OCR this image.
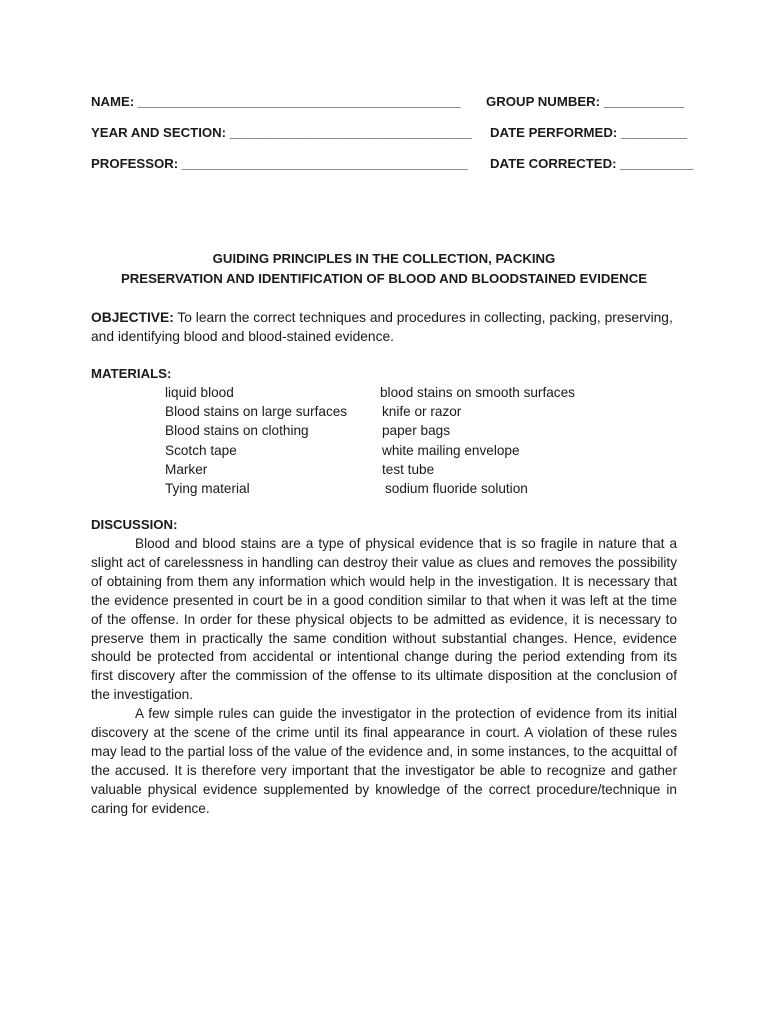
NAME: ____________________________________________ GROUP NUMBER: ___________
YEAR AND SECTION: _________________________________ DATE PERFORMED: _________
PROFESSOR: _______________________________________ DATE CORRECTED: __________
GUIDING PRINCIPLES IN THE COLLECTION, PACKING
PRESERVATION AND IDENTIFICATION OF BLOOD AND BLOODSTAINED EVIDENCE
OBJECTIVE: To learn the correct techniques and procedures in collecting, packing, preserving, and identifying blood and blood-stained evidence.
MATERIALS:
liquid blood	blood stains on smooth surfaces
Blood stains on large surfaces	knife or razor
Blood stains on clothing	paper bags
Scotch tape	white mailing envelope
Marker	test tube
Tying material	sodium fluoride solution
DISCUSSION:

Blood and blood stains are a type of physical evidence that is so fragile in nature that a slight act of carelessness in handling can destroy their value as clues and removes the possibility of obtaining from them any information which would help in the investigation. It is necessary that the evidence presented in court be in a good condition similar to that when it was left at the time of the offense. In order for these physical objects to be admitted as evidence, it is necessary to preserve them in practically the same condition without substantial changes. Hence, evidence should be protected from accidental or intentional change during the period extending from its first discovery after the commission of the offense to its ultimate disposition at the conclusion of the investigation.

A few simple rules can guide the investigator in the protection of evidence from its initial discovery at the scene of the crime until its final appearance in court. A violation of these rules may lead to the partial loss of the value of the evidence and, in some instances, to the acquittal of the accused. It is therefore very important that the investigator be able to recognize and gather valuable physical evidence supplemented by knowledge of the correct procedure/technique in caring for evidence.
